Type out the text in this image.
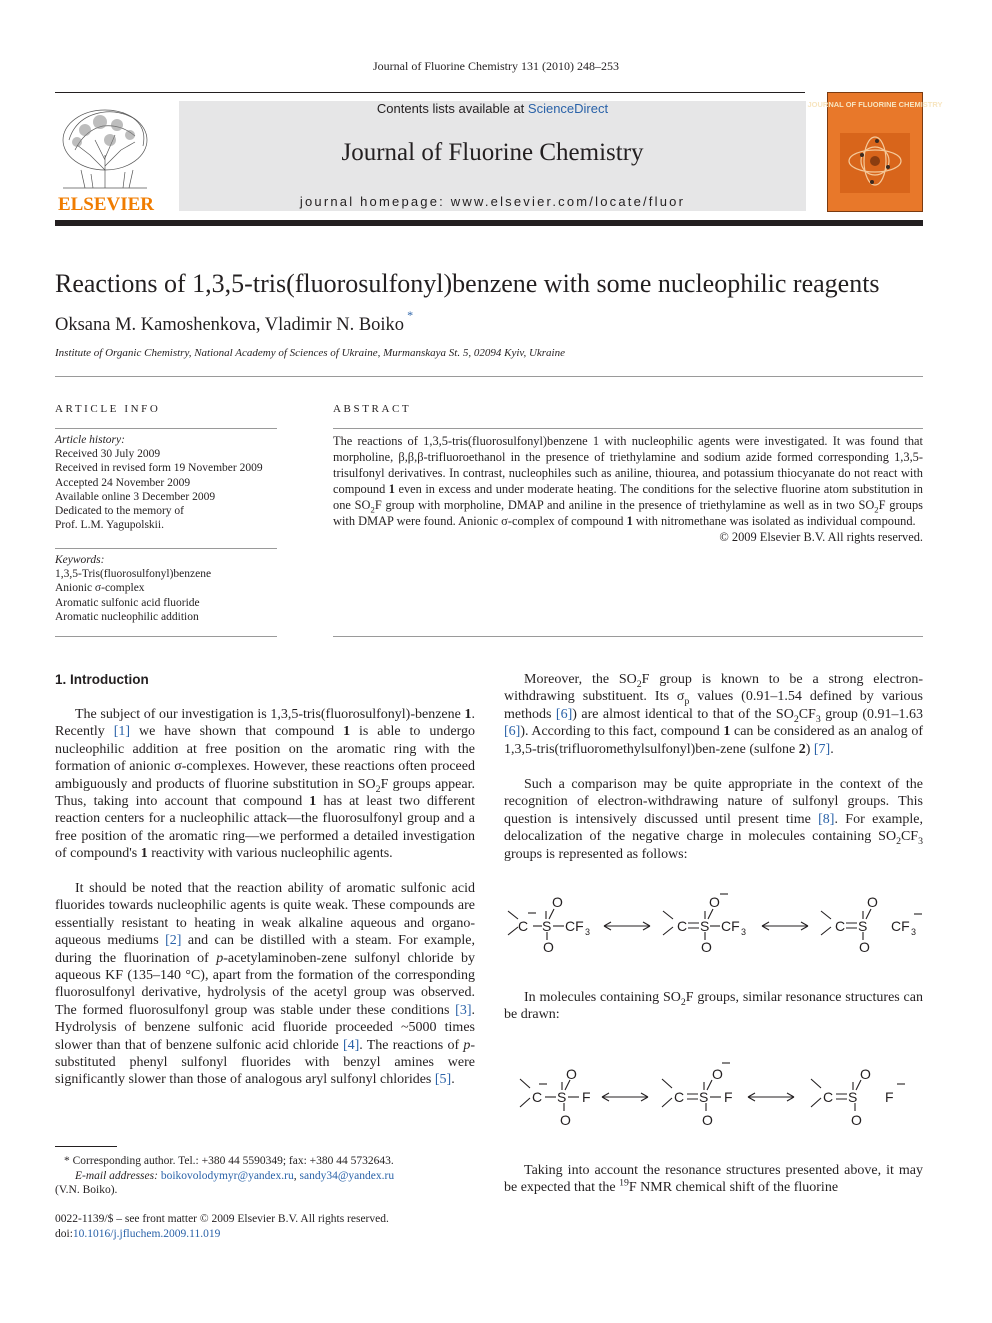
Journal of Fluorine Chemistry 131 (2010) 248–253
ELSEVIER
Contents lists available at ScienceDirect
Journal of Fluorine Chemistry
journal homepage: www.elsevier.com/locate/fluor
JOURNAL OF FLUORINE CHEMISTRY
Reactions of 1,3,5-tris(fluorosulfonyl)benzene with some nucleophilic reagents
Oksana M. Kamoshenkova, Vladimir N. Boiko*
Institute of Organic Chemistry, National Academy of Sciences of Ukraine, Murmanskaya St. 5, 02094 Kyiv, Ukraine
ARTICLE INFO
Article history:
Received 30 July 2009
Received in revised form 19 November 2009
Accepted 24 November 2009
Available online 3 December 2009
Dedicated to the memory of
Prof. L.M. Yagupolskii.
Keywords:
1,3,5-Tris(fluorosulfonyl)benzene
Anionic σ-complex
Aromatic sulfonic acid fluoride
Aromatic nucleophilic addition
ABSTRACT
The reactions of 1,3,5-tris(fluorosulfonyl)benzene 1 with nucleophilic agents were investigated. It was found that morpholine, β,β,β-trifluoroethanol in the presence of triethylamine and sodium azide formed corresponding 1,3,5-trisulfonyl derivatives. In contrast, nucleophiles such as aniline, thiourea, and potassium thiocyanate do not react with compound 1 even in excess and under moderate heating. The conditions for the selective fluorine atom substitution in one $SO_2F$ group with morpholine, DMAP and aniline in the presence of triethylamine as well as in two $SO_2F$ groups with DMAP were found. Anionic σ-complex of compound 1 with nitromethane was isolated as individual compound.
© 2009 Elsevier B.V. All rights reserved.
1. Introduction
The subject of our investigation is 1,3,5-tris(fluorosulfonyl)-benzene 1. Recently [1] we have shown that compound 1 is able to undergo nucleophilic addition at free position on the aromatic ring with the formation of anionic σ-complexes. However, these reactions often proceed ambiguously and products of fluorine substitution in $SO_2F$ groups appear. Thus, taking into account that compound 1 has at least two different reaction centers for a nucleophilic attack—the fluorosulfonyl group and a free position of the aromatic ring—we performed a detailed investigation of compound's 1 reactivity with various nucleophilic agents.
It should be noted that the reaction ability of aromatic sulfonic acid fluorides towards nucleophilic agents is quite weak. These compounds are essentially resistant to heating in weak alkaline aqueous and organo-aqueous mediums [2] and can be distilled with a steam. For example, during the fluorination of p-acetylaminoben-zene sulfonyl chloride by aqueous KF (135–140 °C), apart from the formation of the corresponding fluorosulfonyl derivative, hydrolysis of the acetyl group was observed. The formed fluorosulfonyl group was stable under these conditions [3]. Hydrolysis of benzene sulfonic acid fluoride proceeded ~5000 times slower than that of benzene sulfonic acid chloride [4]. The reactions of p-substituted phenyl sulfonyl fluorides with benzyl amines were significantly slower than those of analogous aryl sulfonyl chlorides [5].
* Corresponding author. Tel.: +380 44 5590349; fax: +380 44 5732643.
E-mail addresses: boikovolodymyr@yandex.ru, sandy34@yandex.ru
(V.N. Boiko).
0022-1139/$ – see front matter © 2009 Elsevier B.V. All rights reserved.
doi:10.1016/j.jfluchem.2009.11.019
Moreover, the $SO_2F$ group is known to be a strong electron-withdrawing substituent. Its $\sigma_p$ values (0.91–1.54 defined by various methods [6]) are almost identical to that of the $SO_2CF_3$ group (0.91–1.63 [6]). According to this fact, compound 1 can be considered as an analog of 1,3,5-tris(trifluoromethylsulfonyl)ben-zene (sulfone 2) [7].
Such a comparison may be quite appropriate in the context of the recognition of electron-withdrawing nature of sulfonyl groups. This question is intensively discussed until present time [8]. For example, delocalization of the negative charge in molecules containing $SO_2CF_3$ groups is represented as follows:
C S
O
O
CF 3	C S
O
O
CF 3	C S
O
O
CF 3
In molecules containing $SO_2F$ groups, similar resonance structures can be drawn:
C S
O
O
F	C S
O
O
F	C S
O
O
F
Taking into account the resonance structures presented above, it may be expected that the $^{19}$F NMR chemical shift of the fluorine
